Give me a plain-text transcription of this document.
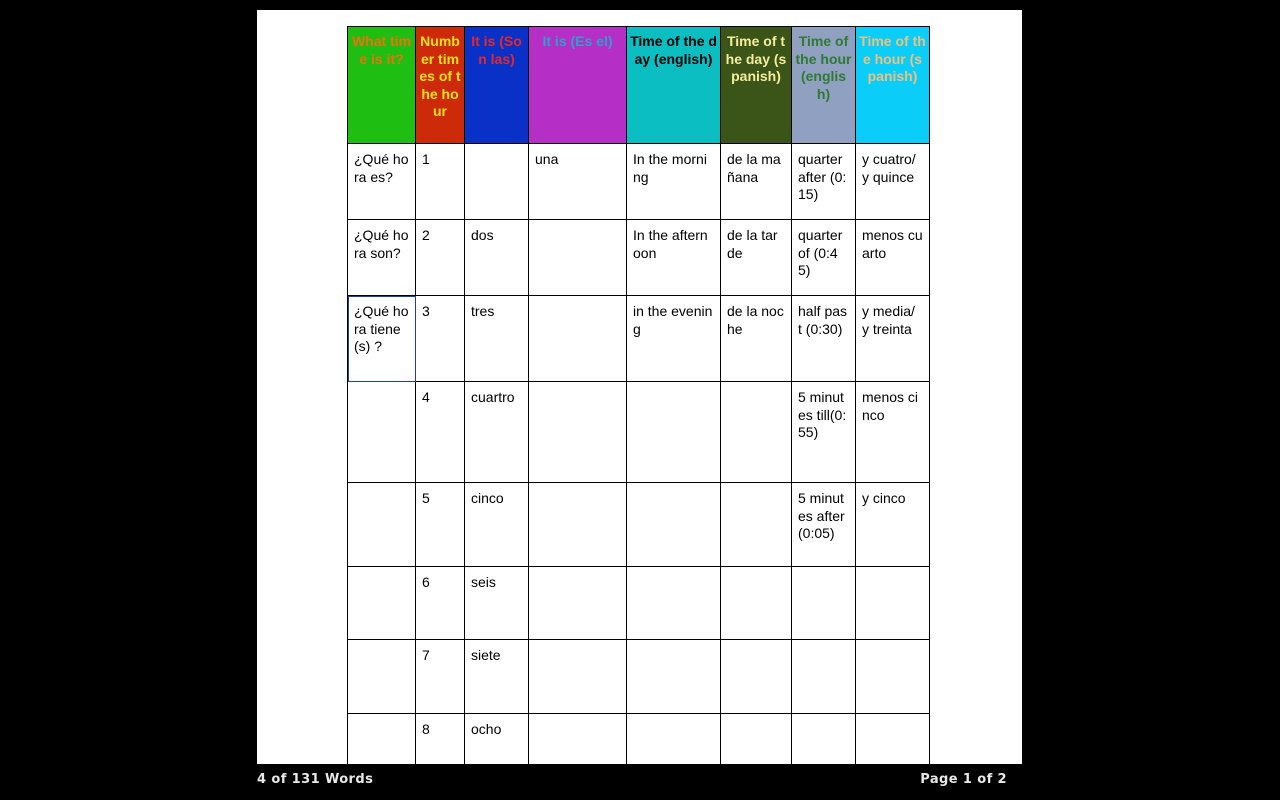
What time is it?	Number times of the hour	It is (Son las)	It is (Es el)	Time of the day (english)	Time of the day (spanish)	Time of the hour (english)	Time of the hour (spanish)
¿Qué hora es?	1		una	In the morning	de la mañana	quarter after (0:15)	y cuatro/ y quince
¿Qué hora son?	2	dos		In the afternoon	de la tarde	quarter of (0:45)	menos cuarto
¿Qué hora tiene(s) ?	3	tres		in the evening	de la noche	half past (0:30)	y media/ y treinta
	4	cuartro				5 minutes till(0:55)	menos cinco
	5	cinco				5 minutes after (0:05)	y cinco
	6	seis					
	7	siete					
	8	ocho					
4 of 131 Words	Page 1 of 2
